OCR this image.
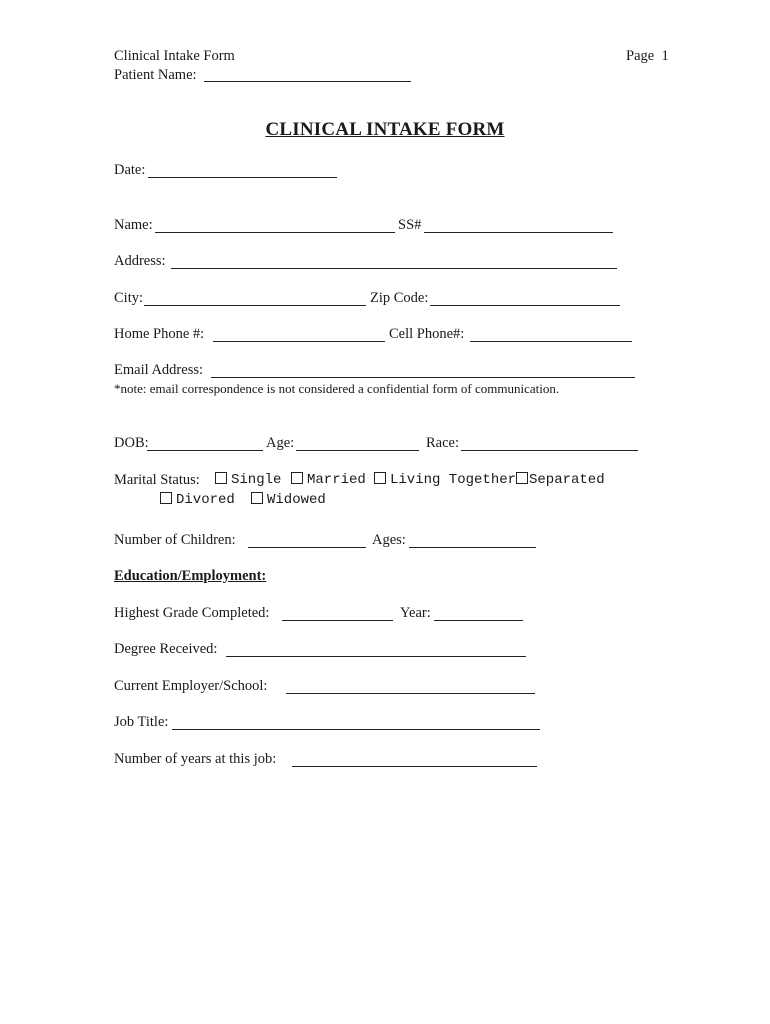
Clinical Intake Form	Page 1
Patient Name:
CLINICAL INTAKE FORM
Date:
Name:	SS#
Address:
City:	Zip Code:
Home Phone #:	Cell Phone#:
Email Address:
*note: email correspondence is not considered a confidential form of communication.
DOB:	Age:	Race:
Marital Status:	Single	Married	Living Together Separated
Divored	Widowed
Number of Children:	Ages:
Education/Employment:
Highest Grade Completed:	Year:
Degree Received:
Current Employer/School:
Job Title:
Number of years at this job:
